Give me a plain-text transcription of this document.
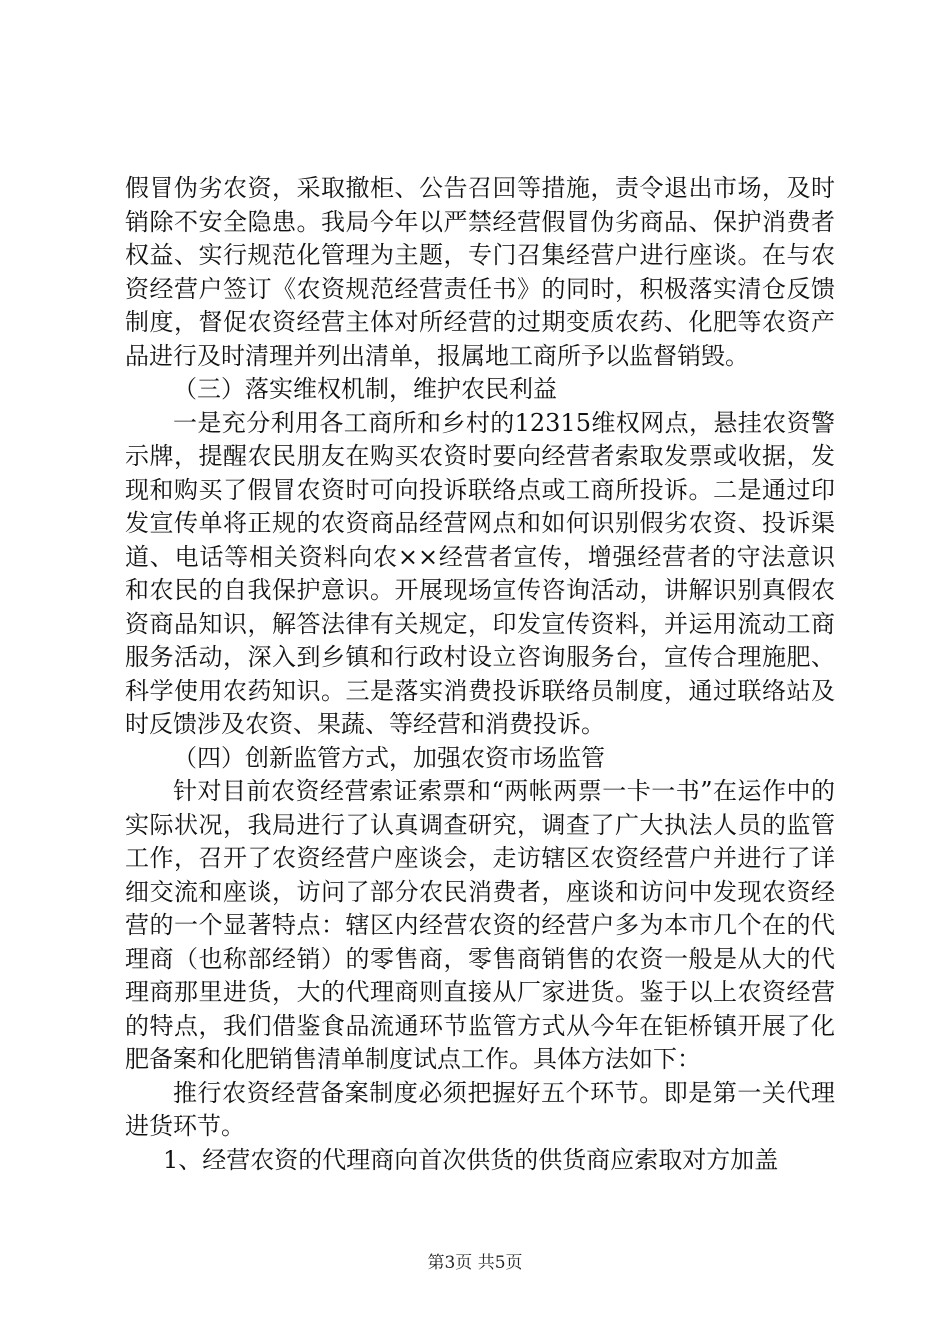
假冒伪劣农资，采取撤柜、公告召回等措施，责令退出市场，及时销除不安全隐患。我局今年以严禁经营假冒伪劣商品、保护消费者权益、实行规范化管理为主题，专门召集经营户进行座谈。在与农资经营户签订《农资规范经营责任书》的同时，积极落实清仓反馈制度，督促农资经营主体对所经营的过期变质农药、化肥等农资产品进行及时清理并列出清单，报属地工商所予以监督销毁。

（三）落实维权机制，维护农民利益

一是充分利用各工商所和乡村的12315维权网点，悬挂农资警示牌，提醒农民朋友在购买农资时要向经营者索取发票或收据，发现和购买了假冒农资时可向投诉联络点或工商所投诉。二是通过印发宣传单将正规的农资商品经营网点和如何识别假劣农资、投诉渠道、电话等相关资料向农××经营者宣传，增强经营者的守法意识和农民的自我保护意识。开展现场宣传咨询活动，讲解识别真假农资商品知识，解答法律有关规定，印发宣传资料，并运用流动工商服务活动，深入到乡镇和行政村设立咨询服务台，宣传合理施肥、科学使用农药知识。三是落实消费投诉联络员制度，通过联络站及时反馈涉及农资、果蔬、等经营和消费投诉。

（四）创新监管方式，加强农资市场监管

针对目前农资经营索证索票和“两帐两票一卡一书”在运作中的实际状况，我局进行了认真调查研究，调查了广大执法人员的监管工作，召开了农资经营户座谈会，走访辖区农资经营户并进行了详细交流和座谈，访问了部分农民消费者，座谈和访问中发现农资经营的一个显著特点：辖区内经营农资的经营户多为本市几个在的代理商（也称部经销）的零售商，零售商销售的农资一般是从大的代理商那里进货，大的代理商则直接从厂家进货。鉴于以上农资经营的特点，我们借鉴食品流通环节监管方式从今年在钜桥镇开展了化肥备案和化肥销售清单制度试点工作。具体方法如下：

推行农资经营备案制度必须把握好五个环节。即是第一关代理进货环节。

1、经营农资的代理商向首次供货的供货商应索取对方加盖

第3页 共5页
